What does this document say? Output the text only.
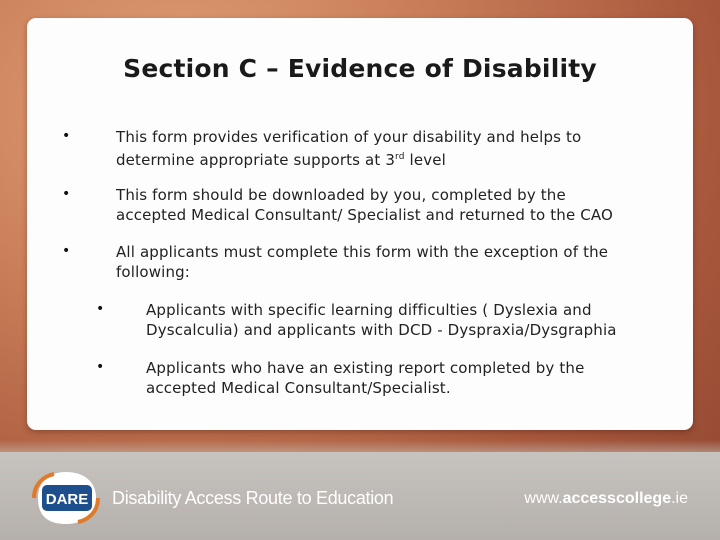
Section C – Evidence of Disability
•	This form provides verification of your disability and helps to
determine appropriate supports at 3rd level
•	This form should be downloaded by you, completed by the
accepted Medical Consultant/ Specialist and returned to the CAO
•	All applicants must complete this form with the exception of the
following:
•	Applicants with specific learning difficulties ( Dyslexia and
Dyscalculia) and applicants with DCD - Dyspraxia/Dysgraphia
•	Applicants who have an existing report completed by the
accepted Medical Consultant/Specialist.
DARE Disability Access Route to Education	www.accesscollege.ie
